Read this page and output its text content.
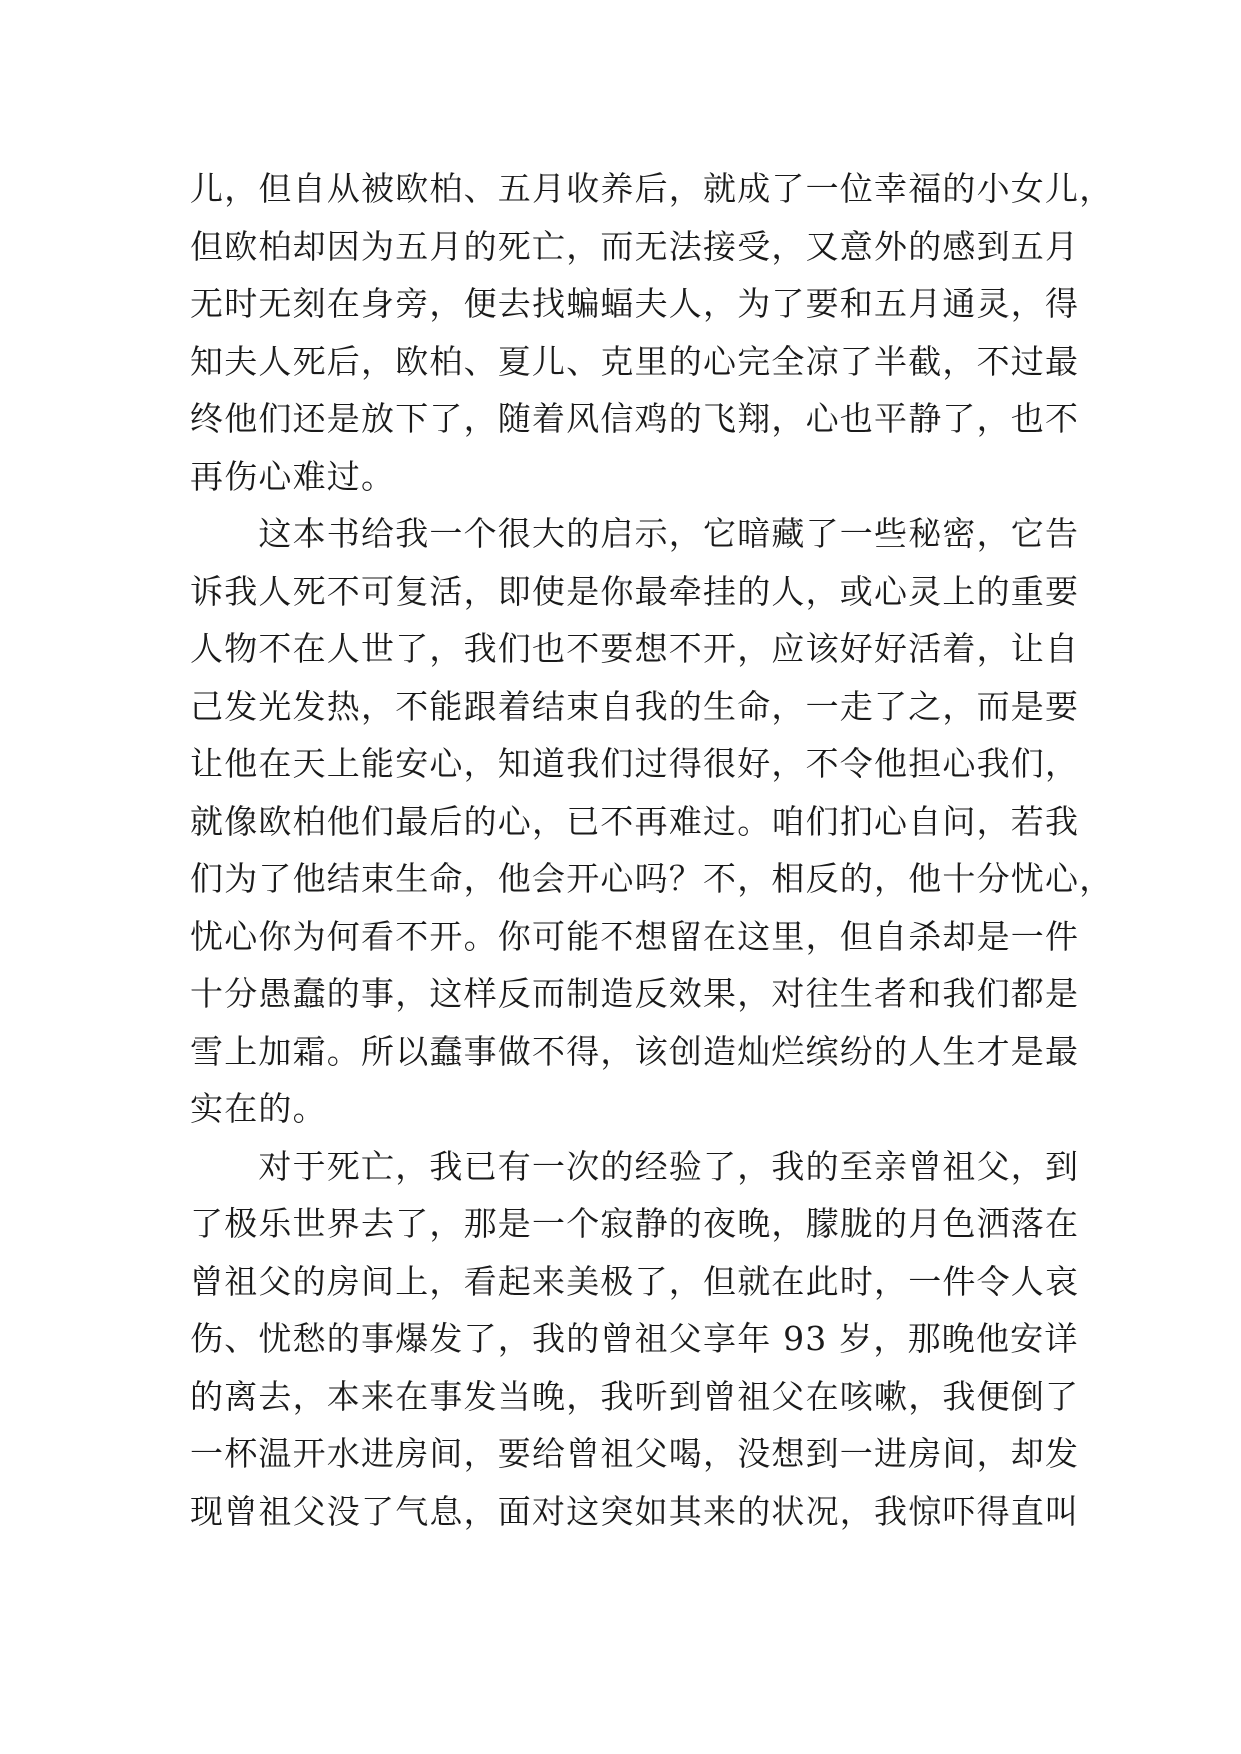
儿，但自从被欧柏、五月收养后，就成了一位幸福的小女儿，
但欧柏却因为五月的死亡，而无法接受，又意外的感到五月
无时无刻在身旁，便去找蝙蝠夫人，为了要和五月通灵，得
知夫人死后，欧柏、夏儿、克里的心完全凉了半截，不过最
终他们还是放下了，随着风信鸡的飞翔，心也平静了，也不
再伤心难过。
　　这本书给我一个很大的启示，它暗藏了一些秘密，它告
诉我人死不可复活，即使是你最牵挂的人，或心灵上的重要
人物不在人世了，我们也不要想不开，应该好好活着，让自
己发光发热，不能跟着结束自我的生命，一走了之，而是要
让他在天上能安心，知道我们过得很好，不令他担心我们，
就像欧柏他们最后的心，已不再难过。咱们扪心自问，若我
们为了他结束生命，他会开心吗？不，相反的，他十分忧心，
忧心你为何看不开。你可能不想留在这里，但自杀却是一件
十分愚蠢的事，这样反而制造反效果，对往生者和我们都是
雪上加霜。所以蠢事做不得，该创造灿烂缤纷的人生才是最
实在的。
　　对于死亡，我已有一次的经验了，我的至亲曾祖父，到
了极乐世界去了，那是一个寂静的夜晚，朦胧的月色洒落在
曾祖父的房间上，看起来美极了，但就在此时，一件令人哀
伤、忧愁的事爆发了，我的曾祖父享年 93 岁，那晚他安详
的离去，本来在事发当晚，我听到曾祖父在咳嗽，我便倒了
一杯温开水进房间，要给曾祖父喝，没想到一进房间，却发
现曾祖父没了气息，面对这突如其来的状况，我惊吓得直叫
